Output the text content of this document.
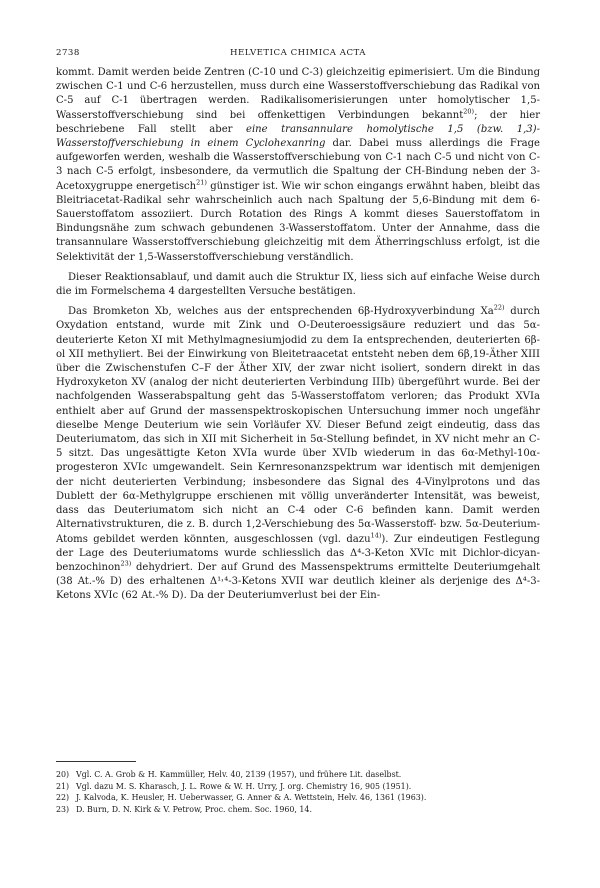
2738	HELVETICA CHIMICA ACTA

kommt. Damit werden beide Zentren (C-10 und C-3) gleichzeitig epimerisiert. Um die Bindung zwischen C-1 und C-6 herzustellen, muss durch eine Wasserstoffverschiebung das Radikal von C-5 auf C-1 übertragen werden. Radikalisomerisierungen unter homolytischer 1,5-Wasserstoffverschiebung sind bei offenkettigen Verbindungen bekannt$^{20)}$; der hier beschriebene Fall stellt aber eine transannulare homolytische 1,5 (bzw. 1,3)-Wasserstoffverschiebung in einem Cyclohexanring dar. Dabei muss allerdings die Frage aufgeworfen werden, weshalb die Wasserstoffverschiebung von C-1 nach C-5 und nicht von C-3 nach C-5 erfolgt, insbesondere, da vermutlich die Spaltung der CH-Bindung neben der 3-Acetoxygruppe energetisch$^{21)}$ günstiger ist. Wie wir schon eingangs erwähnt haben, bleibt das Bleitriacetat-Radikal sehr wahrscheinlich auch nach Spaltung der 5,6-Bindung mit dem 6-Sauerstoffatom assoziiert. Durch Rotation des Rings A kommt dieses Sauerstoffatom in Bindungsnähe zum schwach gebundenen 3-Wasserstoffatom. Unter der Annahme, dass die transannulare Wasserstoffverschiebung gleichzeitig mit dem Ätherringschluss erfolgt, ist die Selektivität der 1,5-Wasserstoffverschiebung verständlich.

Dieser Reaktionsablauf, und damit auch die Struktur IX, liess sich auf einfache Weise durch die im Formelschema 4 dargestellten Versuche bestätigen.

Das Bromketon Xb, welches aus der entsprechenden 6β-Hydroxyverbindung Xa$^{22)}$ durch Oxydation entstand, wurde mit Zink und O-Deuteroessigsäure reduziert und das 5α-deuterierte Keton XI mit Methylmagnesiumjodid zu dem Ia entsprechenden, deuterierten 6β-ol XII methyliert. Bei der Einwirkung von Bleitetraacetat entsteht neben dem 6β,19-Äther XIII über die Zwischenstufen C–F der Äther XIV, der zwar nicht isoliert, sondern direkt in das Hydroxyketon XV (analog der nicht deuterierten Verbindung IIIb) übergeführt wurde. Bei der nachfolgenden Wasserabspaltung geht das 5-Wasserstoffatom verloren; das Produkt XVIa enthielt aber auf Grund der massenspektroskopischen Untersuchung immer noch ungefähr dieselbe Menge Deuterium wie sein Vorläufer XV. Dieser Befund zeigt eindeutig, dass das Deuteriumatom, das sich in XII mit Sicherheit in 5α-Stellung befindet, in XV nicht mehr an C-5 sitzt. Das ungesättigte Keton XVIa wurde über XVIb wiederum in das 6α-Methyl-10α-progesteron XVIc umgewandelt. Sein Kernresonanzspektrum war identisch mit demjenigen der nicht deuterierten Verbindung; insbesondere das Signal des 4-Vinylprotons und das Dublett der 6α-Methylgruppe erschienen mit völlig unveränderter Intensität, was beweist, dass das Deuteriumatom sich nicht an C-4 oder C-6 befinden kann. Damit werden Alternativstrukturen, die z. B. durch 1,2-Verschiebung des 5α-Wasserstoff- bzw. 5α-Deuterium-Atoms gebildet werden könnten, ausgeschlossen (vgl. dazu$^{14)}$). Zur eindeutigen Festlegung der Lage des Deuteriumatoms wurde schliesslich das Δ⁴-3-Keton XVIc mit Dichlor-dicyan-benzochinon$^{23)}$ dehydriert. Der auf Grund des Massenspektrums ermittelte Deuteriumgehalt (38 At.-% D) des erhaltenen Δ¹˒⁴-3-Ketons XVII war deutlich kleiner als derjenige des Δ⁴-3-Ketons XVIc (62 At.-% D). Da der Deuteriumverlust bei der Ein-

20) Vgl. C. A. Grob & H. Kammüller, Helv. 40, 2139 (1957), und frühere Lit. daselbst.
21) Vgl. dazu M. S. Kharasch, J. L. Rowe & W. H. Urry, J. org. Chemistry 16, 905 (1951).
22) J. Kalvoda, K. Heusler, H. Ueberwasser, G. Anner & A. Wettstein, Helv. 46, 1361 (1963).
23) D. Burn, D. N. Kirk & V. Petrow, Proc. chem. Soc. 1960, 14.
